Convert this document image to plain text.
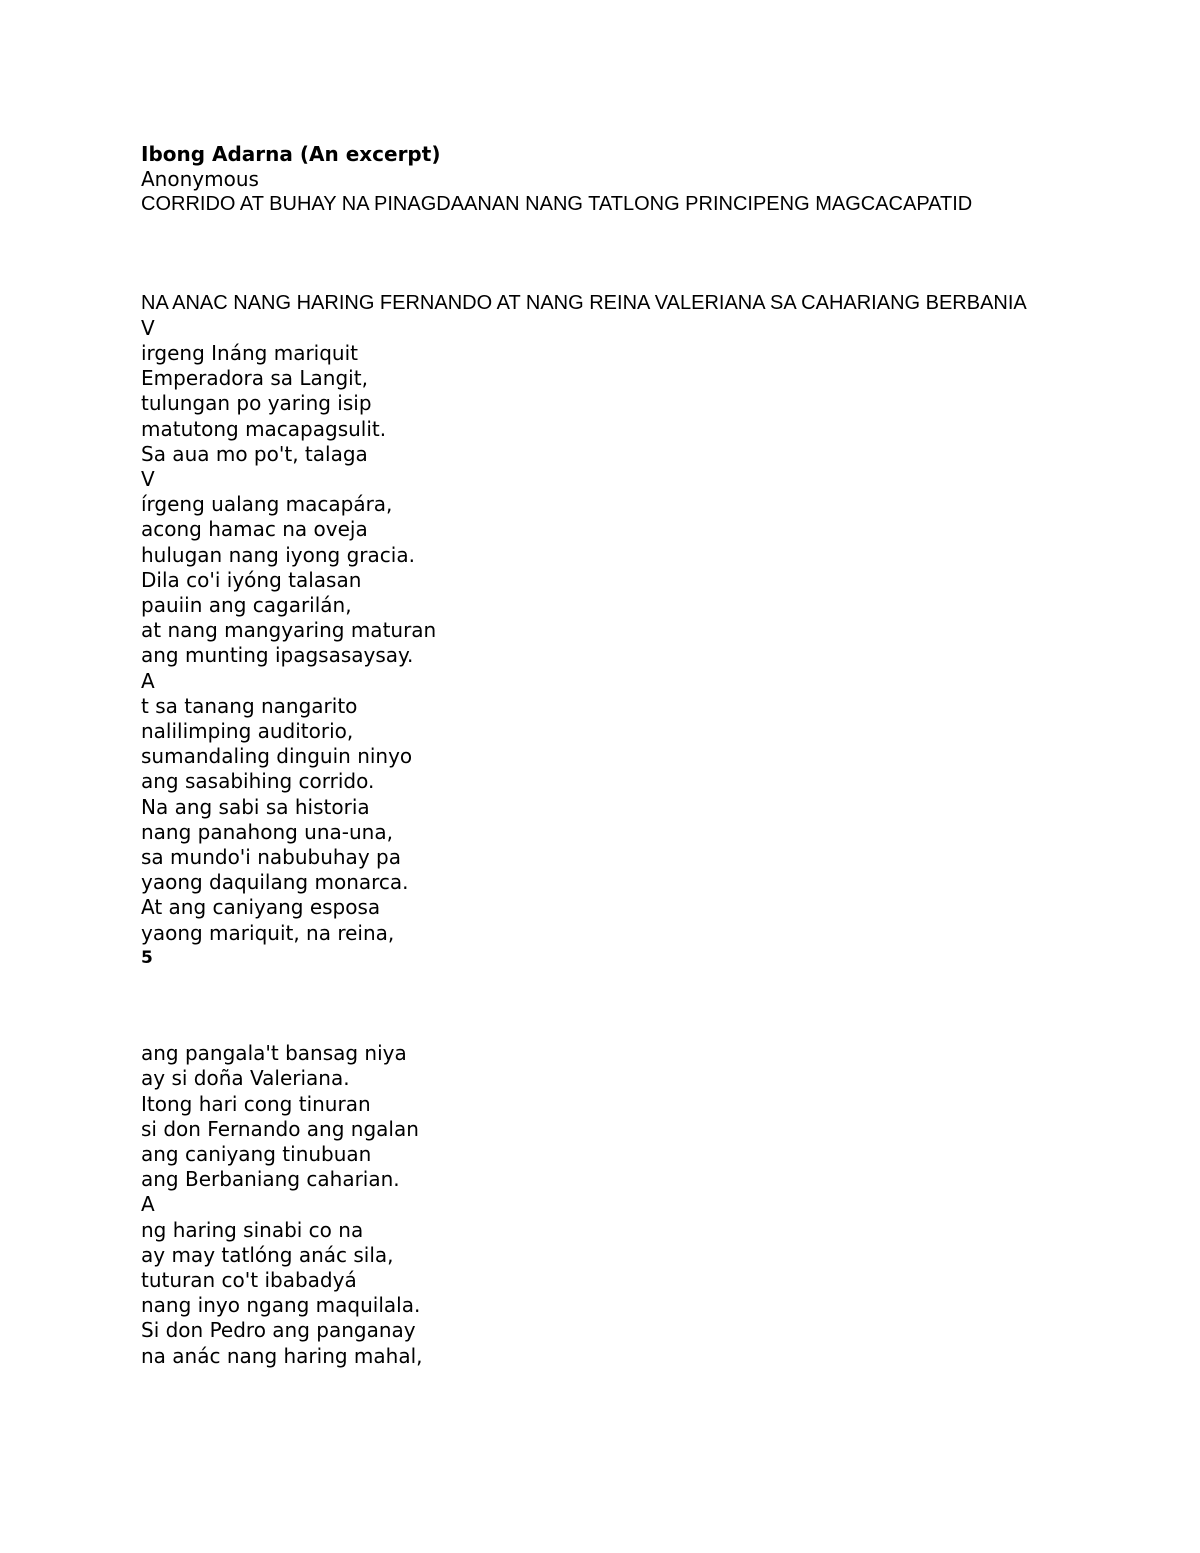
Ibong Adarna (An excerpt)
Anonymous
CORRIDO AT BUHAY NA PINAGDAANAN NANG TATLONG PRINCIPENG MAGCACAPATID
NA ANAC NANG HARING FERNANDO AT NANG REINA VALERIANA SA CAHARIANG BERBANIA
V
irgeng Ináng mariquit
Emperadora sa Langit,
tulungan po yaring isip
matutong macapagsulit.
Sa aua mo po't, talaga
V
írgeng ualang macapára,
acong hamac na oveja
hulugan nang iyong gracia.
Dila co'i iyóng talasan
pauiin ang cagarilán,
at nang mangyaring maturan
ang munting ipagsasaysay.
A
t sa tanang nangarito
nalilimping auditorio,
sumandaling dinguin ninyo
ang sasabihing corrido.
Na ang sabi sa historia
nang panahong una-una,
sa mundo'i nabubuhay pa
yaong daquilang monarca.
At ang caniyang esposa
yaong mariquit, na reina,
5
ang pangala't bansag niya
ay si doña Valeriana.
Itong hari cong tinuran
si don Fernando ang ngalan
ang caniyang tinubuan
ang Berbaniang caharian.
A
ng haring sinabi co na
ay may tatlóng anác sila,
tuturan co't ibabadyá
nang inyo ngang maquilala.
Si don Pedro ang panganay
na anác nang haring mahal,
